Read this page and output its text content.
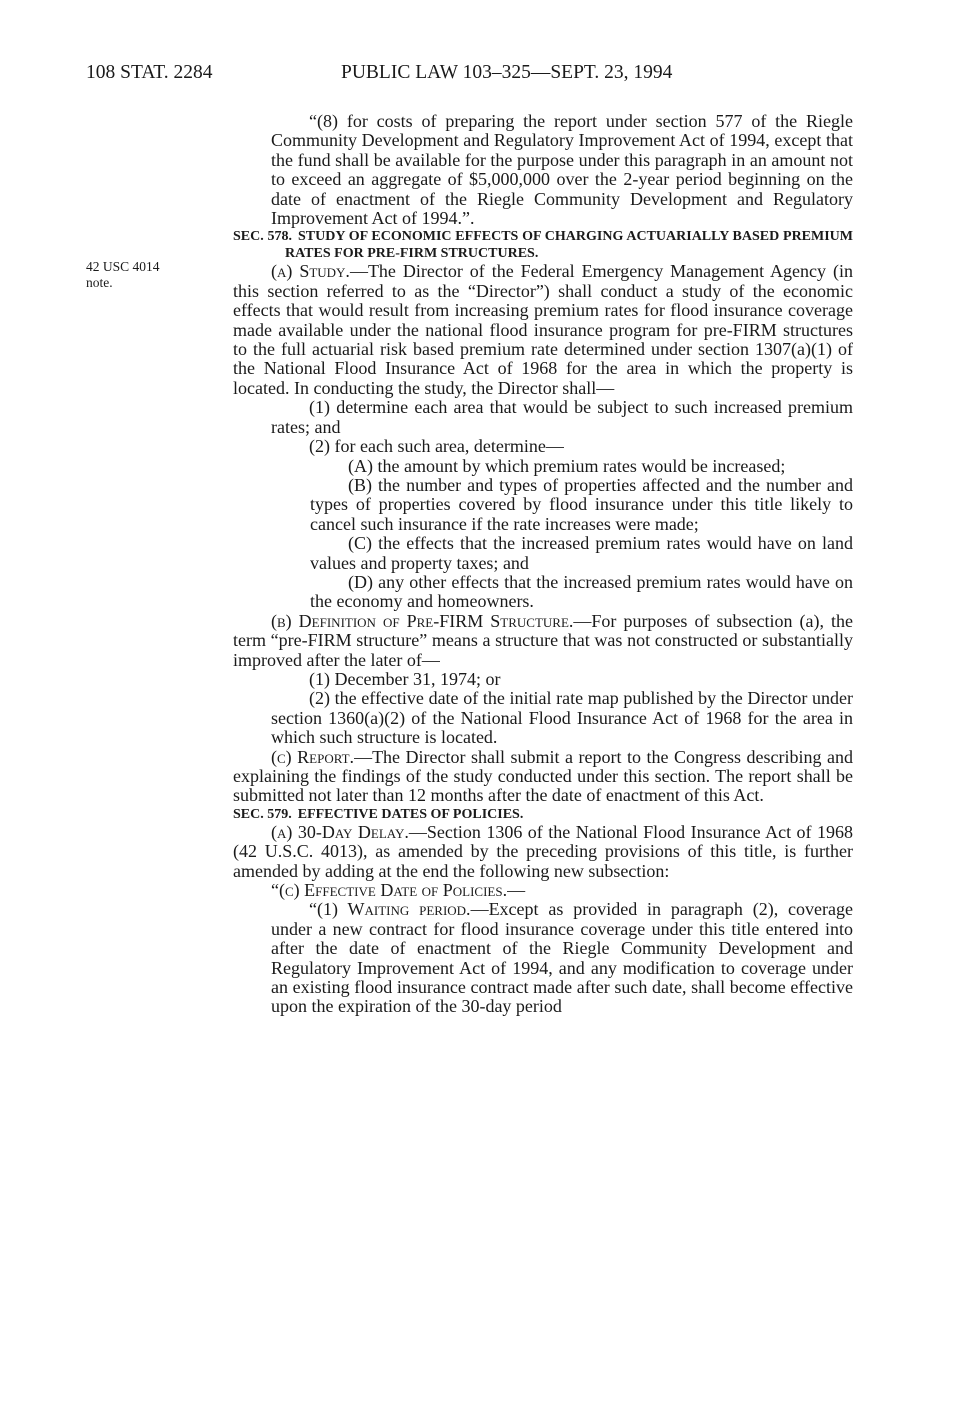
108 STAT. 2284	PUBLIC LAW 103–325—SEPT. 23, 1994
42 USC 4014
note.

“(8) for costs of preparing the report under section 577 of the Riegle Community Development and Regulatory Improvement Act of 1994, except that the fund shall be available for the purpose under this paragraph in an amount not to exceed an aggregate of $5,000,000 over the 2-year period beginning on the date of enactment of the Riegle Community Development and Regulatory Improvement Act of 1994.”.

SEC. 578. STUDY OF ECONOMIC EFFECTS OF CHARGING ACTUARIALLY BASED PREMIUM RATES FOR PRE-FIRM STRUCTURES.

(a) Study.—The Director of the Federal Emergency Management Agency (in this section referred to as the “Director”) shall conduct a study of the economic effects that would result from increasing premium rates for flood insurance coverage made available under the national flood insurance program for pre-FIRM structures to the full actuarial risk based premium rate determined under section 1307(a)(1) of the National Flood Insurance Act of 1968 for the area in which the property is located. In conducting the study, the Director shall—

(1) determine each area that would be subject to such increased premium rates; and

(2) for each such area, determine—

(A) the amount by which premium rates would be increased;

(B) the number and types of properties affected and the number and types of properties covered by flood insurance under this title likely to cancel such insurance if the rate increases were made;

(C) the effects that the increased premium rates would have on land values and property taxes; and

(D) any other effects that the increased premium rates would have on the economy and homeowners.

(b) Definition of Pre-FIRM Structure.—For purposes of subsection (a), the term “pre-FIRM structure” means a structure that was not constructed or substantially improved after the later of—

(1) December 31, 1974; or

(2) the effective date of the initial rate map published by the Director under section 1360(a)(2) of the National Flood Insurance Act of 1968 for the area in which such structure is located.

(c) Report.—The Director shall submit a report to the Congress describing and explaining the findings of the study conducted under this section. The report shall be submitted not later than 12 months after the date of enactment of this Act.

SEC. 579. EFFECTIVE DATES OF POLICIES.

(a) 30-Day Delay.—Section 1306 of the National Flood Insurance Act of 1968 (42 U.S.C. 4013), as amended by the preceding provisions of this title, is further amended by adding at the end the following new subsection:

“(c) Effective Date of Policies.—

“(1) Waiting period.—Except as provided in paragraph (2), coverage under a new contract for flood insurance coverage under this title entered into after the date of enactment of the Riegle Community Development and Regulatory Improvement Act of 1994, and any modification to coverage under an existing flood insurance contract made after such date, shall become effective upon the expiration of the 30-day period
